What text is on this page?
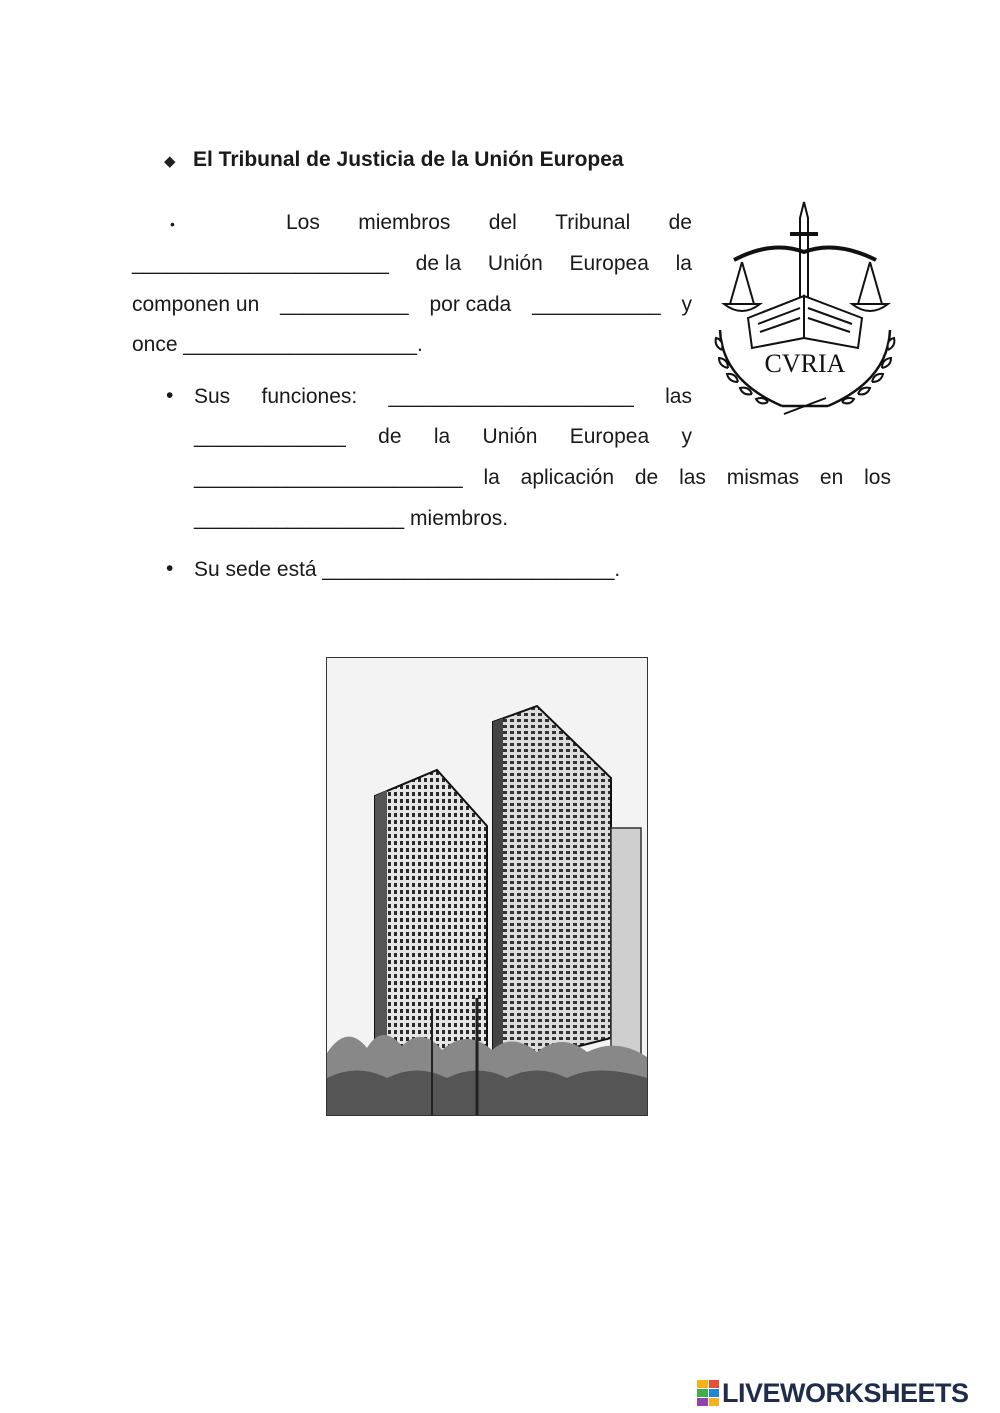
◆ El Tribunal de Justicia de la Unión Europea
•	Los miembros del Tribunal de
______________________ de la Unión Europea la
componen un ___________ por cada ___________ y
once ____________________.
• Sus funciones: _____________________ las
_____________ de la Unión Europea y
_______________________ la aplicación de las mismas en los
__________________ miembros.
• Su sede está _________________________.
CVRIA
LIVEWORKSHEETS
